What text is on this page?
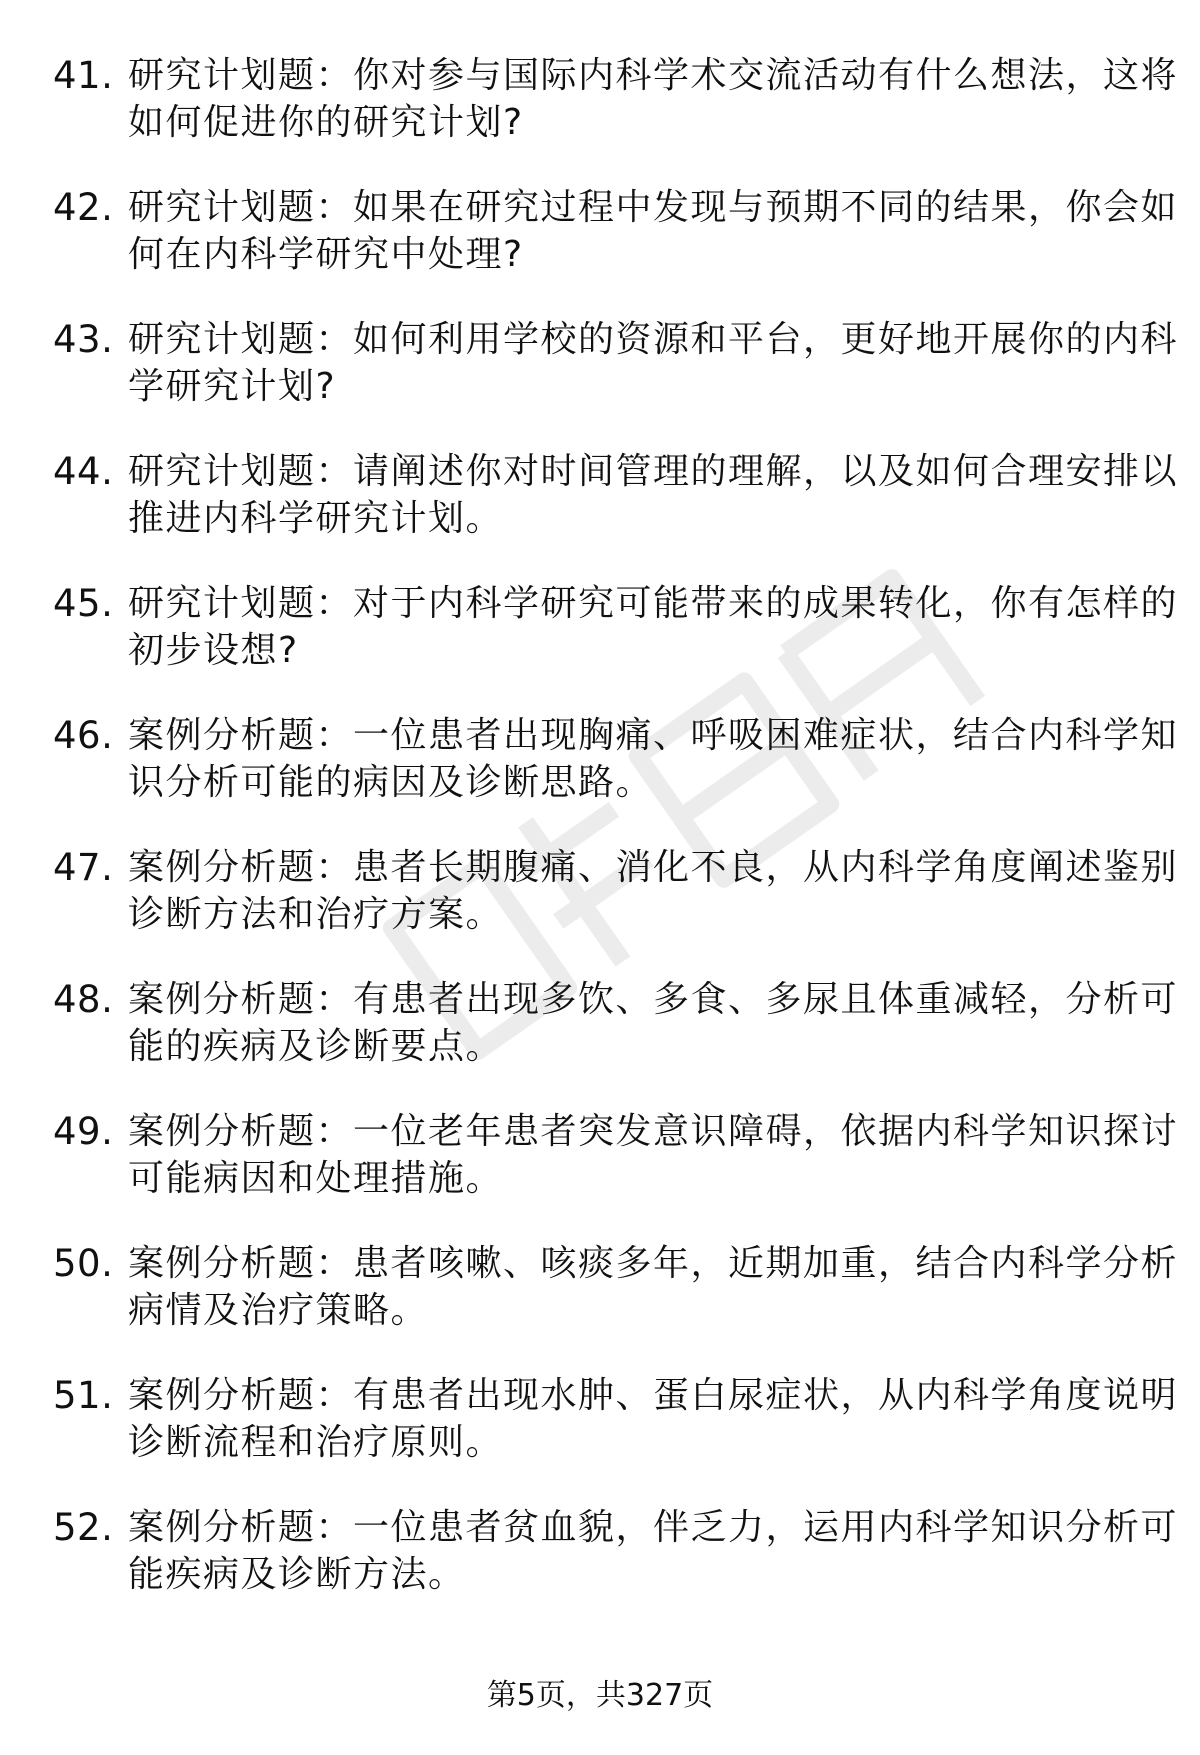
41. 研究计划题：你对参与国际内科学术交流活动有什么想法，这将
如何促进你的研究计划?
42. 研究计划题：如果在研究过程中发现与预期不同的结果，你会如
何在内科学研究中处理?
43. 研究计划题：如何利用学校的资源和平台，更好地开展你的内科
学研究计划?
44. 研究计划题：请阐述你对时间管理的理解，以及如何合理安排以
推进内科学研究计划。
45. 研究计划题：对于内科学研究可能带来的成果转化，你有怎样的
初步设想?
46. 案例分析题：一位患者出现胸痛、呼吸困难症状，结合内科学知
识分析可能的病因及诊断思路。
47. 案例分析题：患者长期腹痛、消化不良，从内科学角度阐述鉴别
诊断方法和治疗方案。
48. 案例分析题：有患者出现多饮、多食、多尿且体重减轻，分析可
能的疾病及诊断要点。
49. 案例分析题：一位老年患者突发意识障碍，依据内科学知识探讨
可能病因和处理措施。
50. 案例分析题：患者咳嗽、咳痰多年，近期加重，结合内科学分析
病情及治疗策略。
51. 案例分析题：有患者出现水肿、蛋白尿症状，从内科学角度说明
诊断流程和治疗原则。
52. 案例分析题：一位患者贫血貌，伴乏力，运用内科学知识分析可
能疾病及诊断方法。
第5页，共327页
